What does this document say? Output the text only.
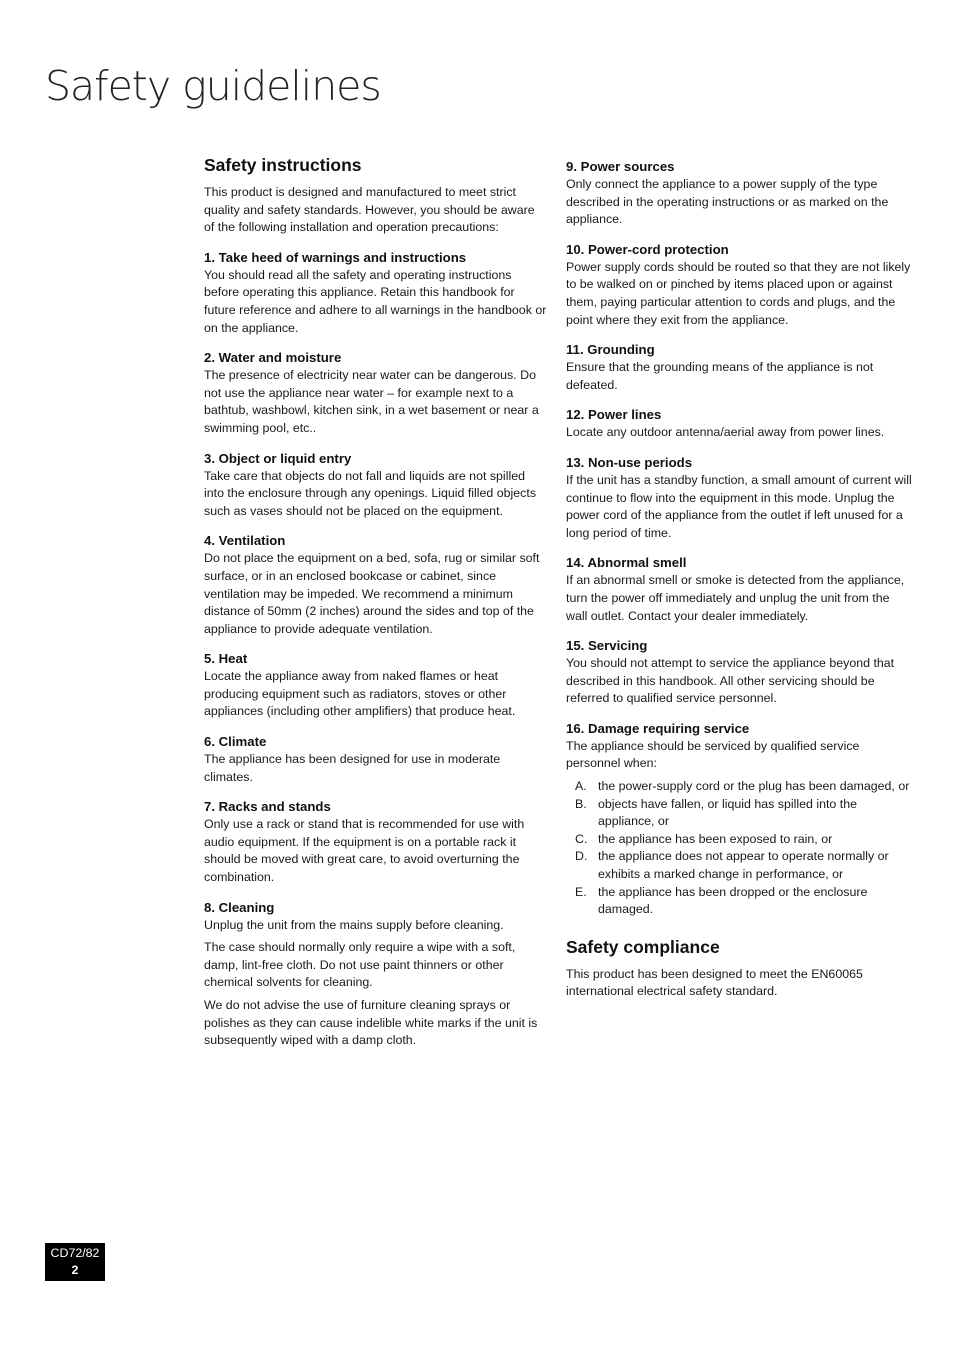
Safety guidelines
Safety instructions

This product is designed and manufactured to meet strict quality and safety standards. However, you should be aware of the following installation and operation precautions:

1. Take heed of warnings and instructions

You should read all the safety and operating instructions before operating this appliance. Retain this handbook for future reference and adhere to all warnings in the handbook or on the appliance.

2. Water and moisture

The presence of electricity near water can be dangerous. Do not use the appliance near water – for example next to a bathtub, washbowl, kitchen sink, in a wet basement or near a swimming pool, etc..

3. Object or liquid entry

Take care that objects do not fall and liquids are not spilled into the enclosure through any openings. Liquid filled objects such as vases should not be placed on the equipment.

4. Ventilation

Do not place the equipment on a bed, sofa, rug or similar soft surface, or in an enclosed bookcase or cabinet, since ventilation may be impeded. We recommend a minimum distance of 50mm (2 inches) around the sides and top of the appliance to provide adequate ventilation.

5. Heat

Locate the appliance away from naked flames or heat producing equipment such as radiators, stoves or other appliances (including other amplifiers) that produce heat.

6. Climate

The appliance has been designed for use in moderate climates.

7. Racks and stands

Only use a rack or stand that is recommended for use with audio equipment. If the equipment is on a portable rack it should be moved with great care, to avoid overturning the combination.

8. Cleaning

Unplug the unit from the mains supply before cleaning.

The case should normally only require a wipe with a soft, damp, lint-free cloth. Do not use paint thinners or other chemical solvents for cleaning.

We do not advise the use of furniture cleaning sprays or polishes as they can cause indelible white marks if the unit is subsequently wiped with a damp cloth.

9. Power sources

Only connect the appliance to a power supply of the type described in the operating instructions or as marked on the appliance.

10. Power-cord protection

Power supply cords should be routed so that they are not likely to be walked on or pinched by items placed upon or against them, paying particular attention to cords and plugs, and the point where they exit from the appliance.

11. Grounding

Ensure that the grounding means of the appliance is not defeated.

12. Power lines

Locate any outdoor antenna/aerial away from power lines.

13. Non-use periods

If the unit has a standby function, a small amount of current will continue to flow into the equipment in this mode. Unplug the power cord of the appliance from the outlet if left unused for a long period of time.

14. Abnormal smell

If an abnormal smell or smoke is detected from the appliance, turn the power off immediately and unplug the unit from the wall outlet. Contact your dealer immediately.

15. Servicing

You should not attempt to service the appliance beyond that described in this handbook. All other servicing should be referred to qualified service personnel.

16. Damage requiring service

The appliance should be serviced by qualified service personnel when:

A. the power-supply cord or the plug has been damaged, or
B. objects have fallen, or liquid has spilled into the appliance, or
C. the appliance has been exposed to rain, or
D. the appliance does not appear to operate normally or exhibits a marked change in performance, or
E. the appliance has been dropped or the enclosure damaged.
Safety compliance

This product has been designed to meet the EN60065 international electrical safety standard.

CD72/82
2
